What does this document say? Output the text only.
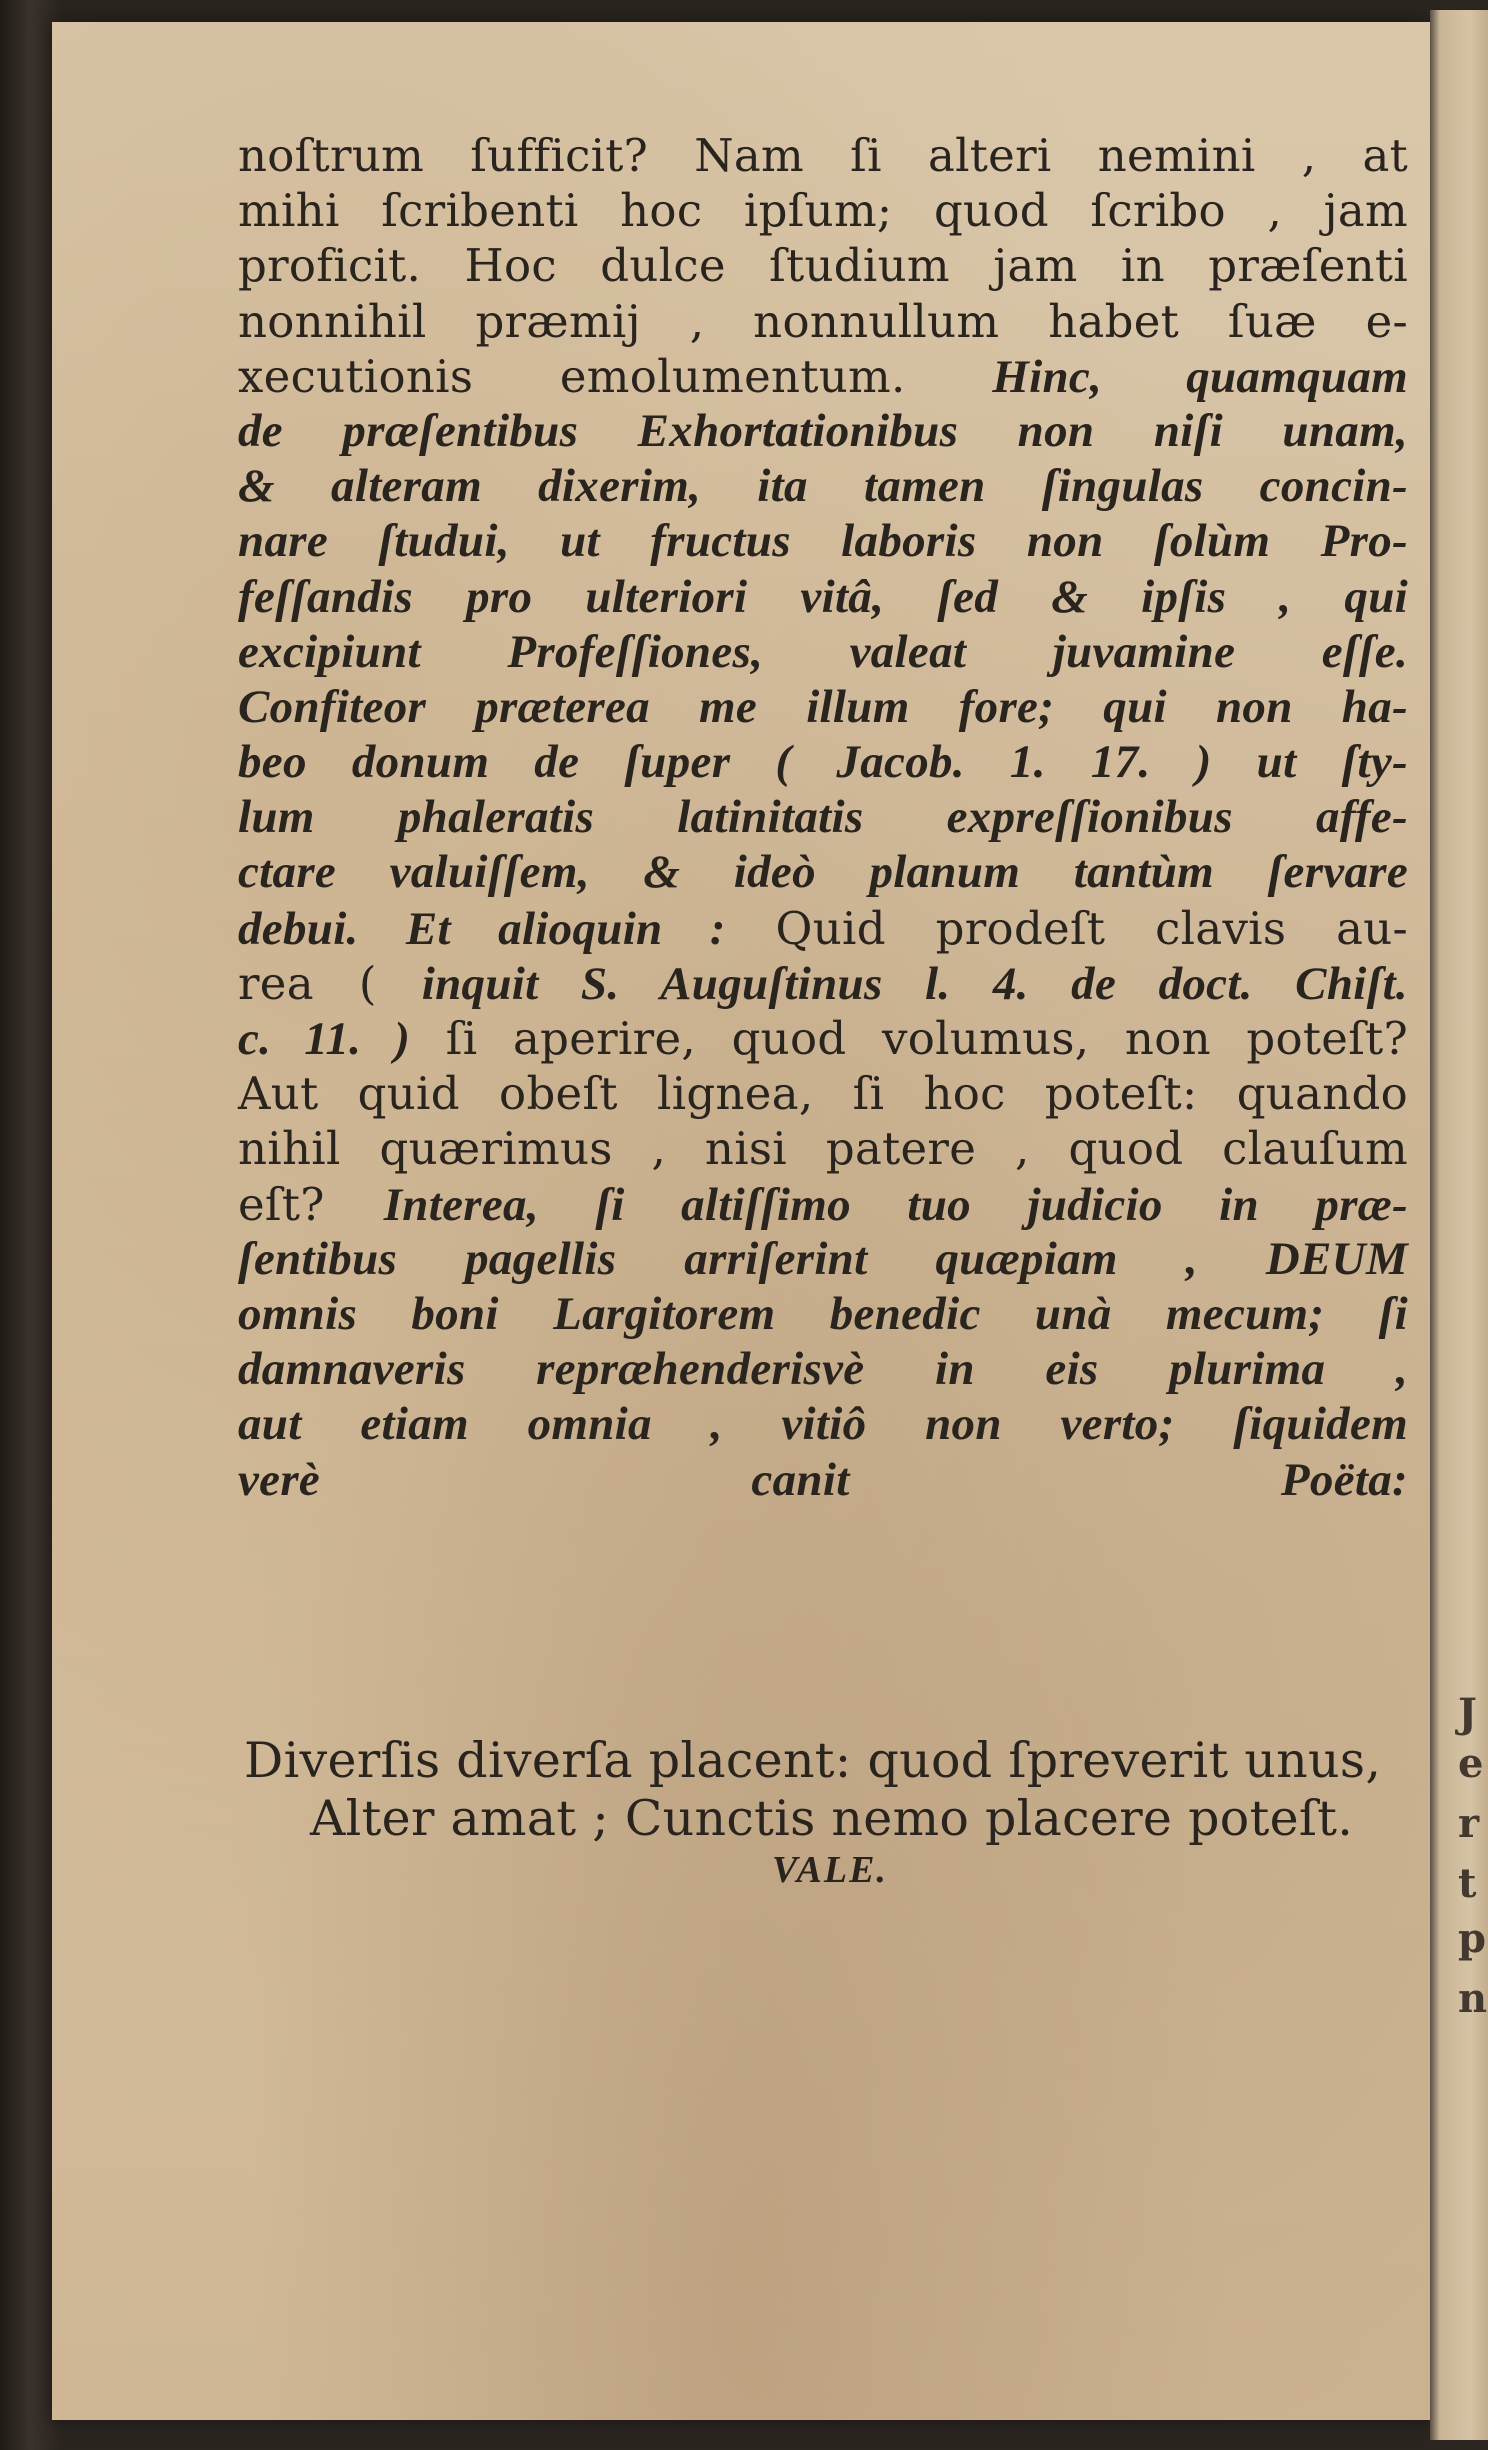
J
e
r
t
p
n
noſtrum ſufficit? Nam ſi alteri nemini , at
mihi ſcribenti hoc ipſum; quod ſcribo , jam
proficit. Hoc dulce ſtudium jam in præſenti
nonnihil præmij , nonnullum habet ſuæ e-
xecutionis emolumentum. Hinc, quamquam
de præſentibus Exhortationibus non niſi unam,
& alteram dixerim, ita tamen ſingulas concin-
nare ſtudui, ut fructus laboris non ſolùm Pro-
feſſandis pro ulteriori vitâ, ſed & ipſis , qui
excipiunt Profeſſiones, valeat juvamine eſſe.
Confiteor præterea me illum fore; qui non ha-
beo donum de ſuper ( Jacob. 1. 17. ) ut ſty-
lum phaleratis latinitatis expreſſionibus affe-
ctare valuiſſem, & ideò planum tantùm ſervare
debui. Et alioquin : Quid prodeſt clavis au-
rea ( inquit S. Auguſtinus l. 4. de doct. Chiſt.
c. 11. ) ſi aperire, quod volumus, non poteſt?
Aut quid obeſt lignea, ſi hoc poteſt: quando
nihil quærimus , nisi patere , quod clauſum
eſt? Interea, ſi altiſſimo tuo judicio in præ-
ſentibus pagellis arriſerint quæpiam , DEUM
omnis boni Largitorem benedic unà mecum; ſi
damnaveris repræhenderisvè in eis plurima ,
aut etiam omnia , vitiô non verto; ſiquidem
verè canit Poëta:
Diverſis diverſa placent: quod ſpreverit unus,
Alter amat ; Cunctis nemo placere poteſt.
VALE.
